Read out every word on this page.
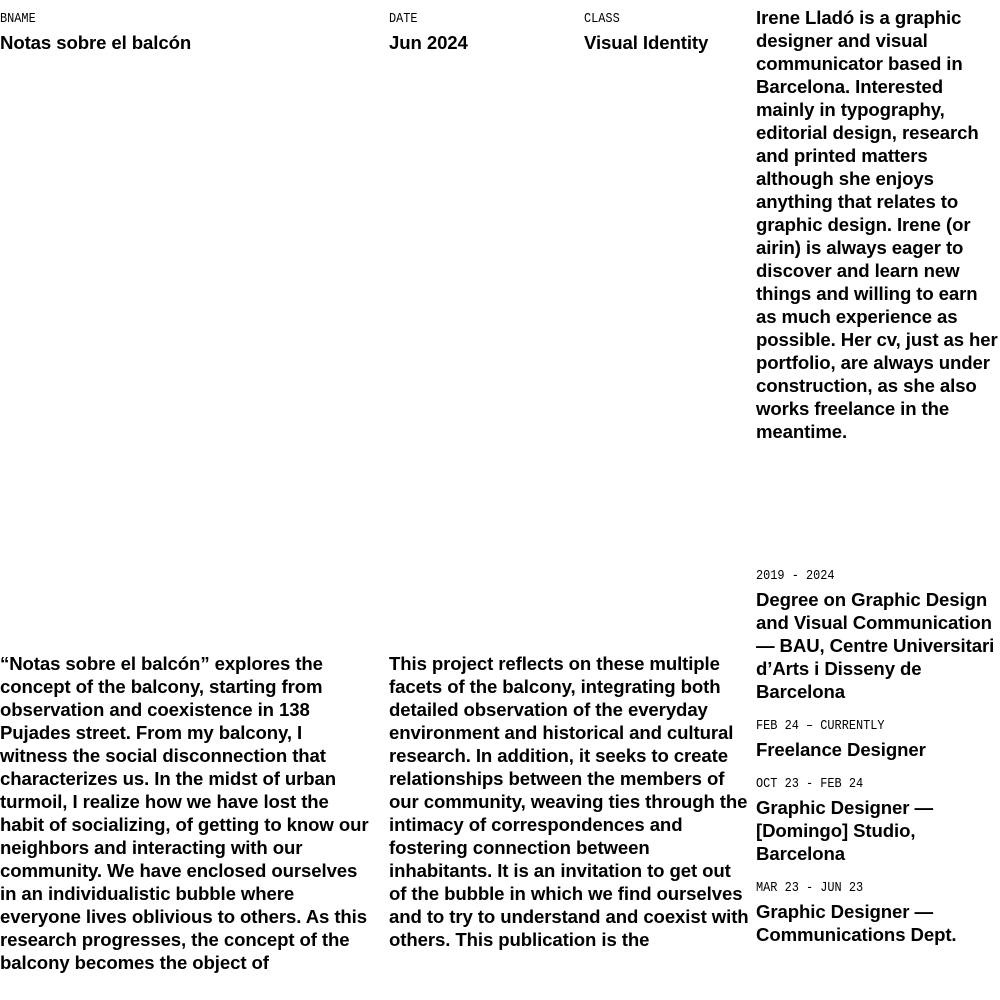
BNAME
Notas sobre el balcón
DATE
Jun 2024
CLASS
Visual Identity
Irene Lladó is a graphic designer and visual communicator based in Barcelona. Interested mainly in typography, editorial design, research and printed matters although she enjoys anything that relates to graphic design. Irene (or airin) is always eager to discover and learn new things and willing to earn as much experience as possible. Her cv, just as her portfolio, are always under construction, as she also works freelance in the meantime.
2019 - 2024
Degree on Graphic Design and Visual Communication — BAU, Centre Universitari d’Arts i Disseny de Barcelona
FEB 24 – CURRENTLY
Freelance Designer
OCT 23 - FEB 24
Graphic Designer — [Domingo] Studio, Barcelona
MAR 23 - JUN 23
Graphic Designer — Communications Dept.
“Notas sobre el balcón” explores the concept of the balcony, starting from observation and coexistence in 138 Pujades street. From my balcony, I witness the social disconnection that characterizes us. In the midst of urban turmoil, I realize how we have lost the habit of socializing, of getting to know our neighbors and interacting with our community. We have enclosed ourselves in an individualistic bubble where everyone lives oblivious to others. As this research progresses, the concept of the balcony becomes the object of
This project reflects on these multiple facets of the balcony, integrating both detailed observation of the everyday environment and historical and cultural research. In addition, it seeks to create relationships between the members of our community, weaving ties through the intimacy of correspondences and fostering connection between inhabitants. It is an invitation to get out of the bubble in which we find ourselves and to try to understand and coexist with others. This publication is the
